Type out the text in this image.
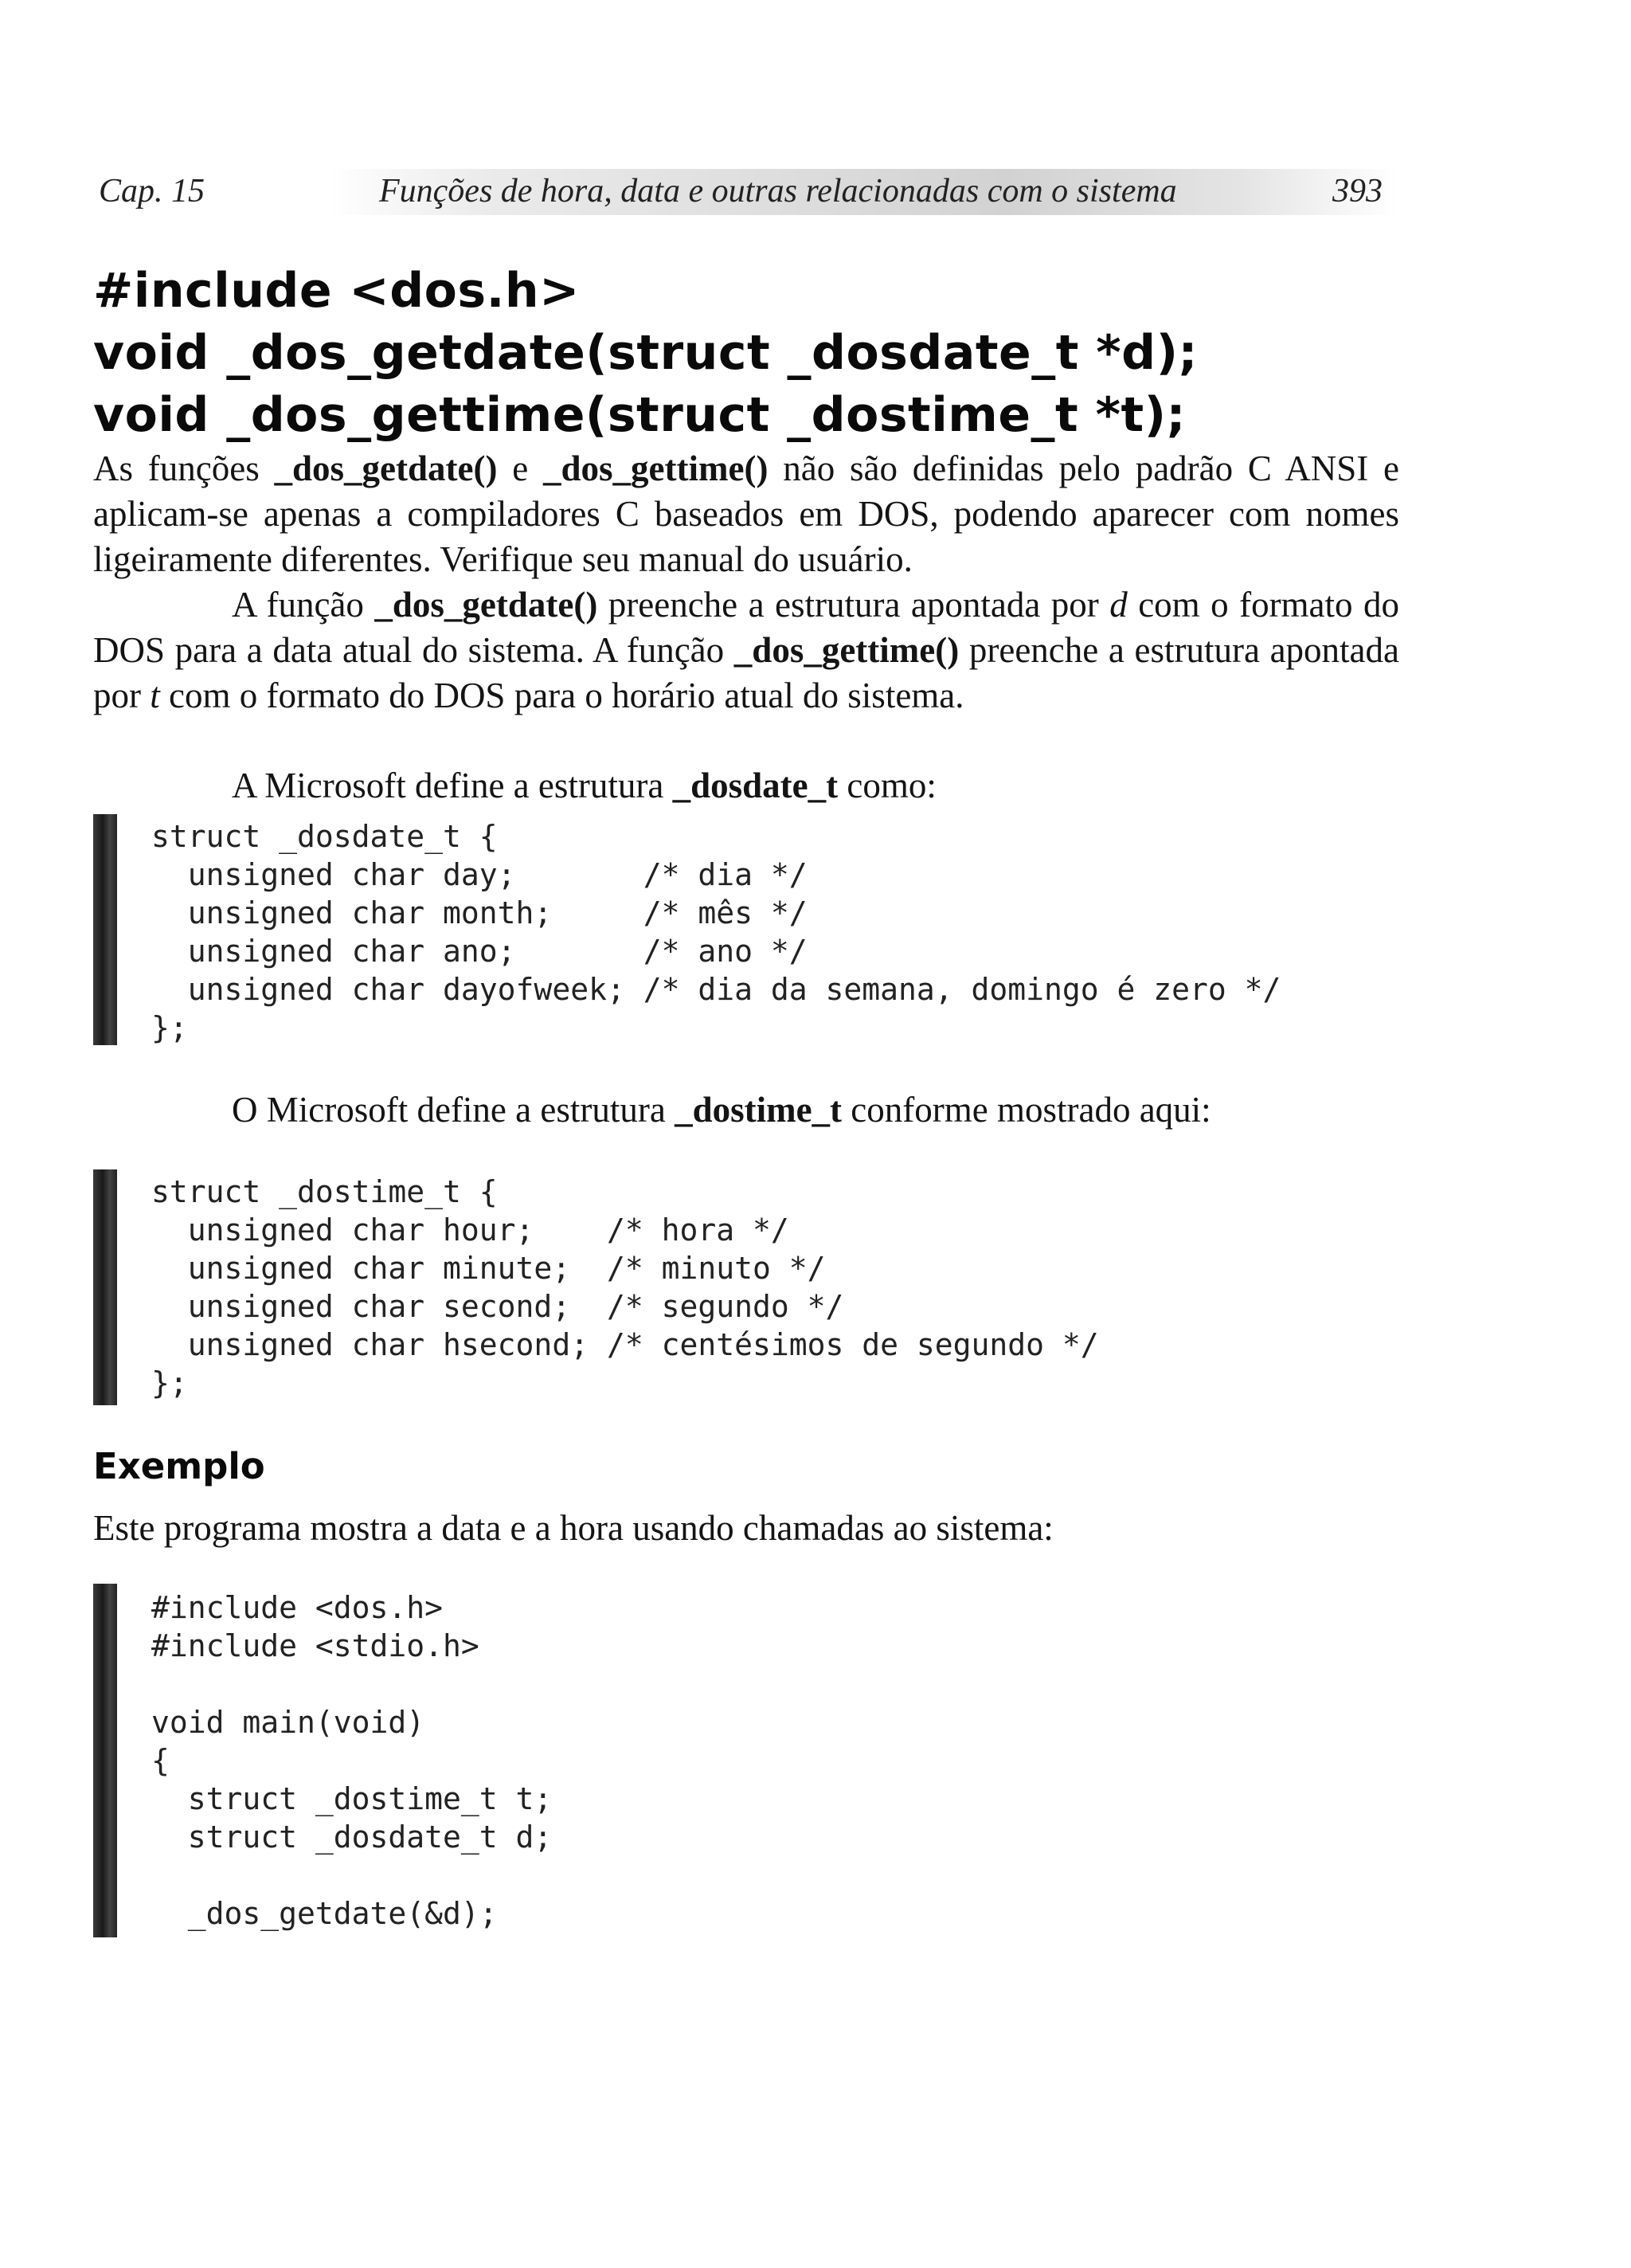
Cap. 15	Funções de hora, data e outras relacionadas com o sistema	393
#include <dos.h>
void _dos_getdate(struct _dosdate_t *d);
void _dos_gettime(struct _dostime_t *t);

As funções _dos_getdate() e _dos_gettime() não são definidas pelo padrão C ANSI e aplicam-se apenas a compiladores C baseados em DOS, podendo aparecer com nomes ligeiramente diferentes. Verifique seu manual do usuário.

A função _dos_getdate() preenche a estrutura apontada por d com o formato do DOS para a data atual do sistema. A função _dos_gettime() preenche a estrutura apontada por t com o formato do DOS para o horário atual do sistema.

A Microsoft define a estrutura _dosdate_t como:

struct _dosdate_t {
unsigned char day;       /* dia */
unsigned char month;     /* mês */
unsigned char ano;       /* ano */
unsigned char dayofweek; /* dia da semana, domingo é zero */
};

O Microsoft define a estrutura _dostime_t conforme mostrado aqui:

struct _dostime_t {
unsigned char hour;    /* hora */
unsigned char minute;  /* minuto */
unsigned char second;  /* segundo */
unsigned char hsecond; /* centésimos de segundo */
};
Exemplo

Este programa mostra a data e a hora usando chamadas ao sistema:

#include <dos.h>
#include <stdio.h>
void main(void)
{
struct _dostime_t t;
struct _dosdate_t d;
_dos_getdate(&d);
